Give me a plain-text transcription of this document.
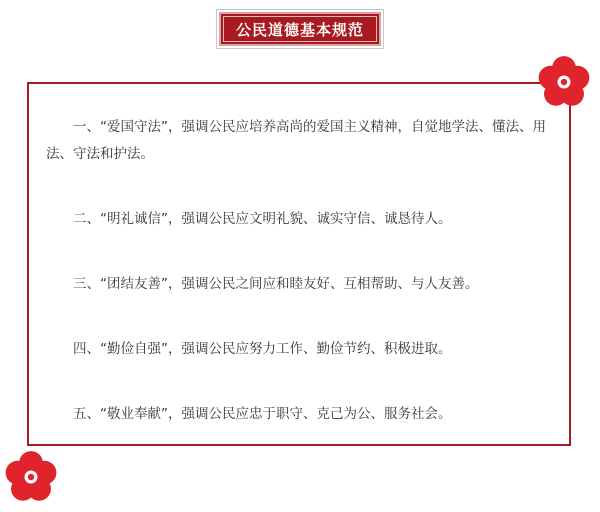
公民道德基本规范

一、“爱国守法”，强调公民应培养高尚的爱国主义精神，自觉地学法、懂法、用法、守法和护法。

二、“明礼诚信”，强调公民应文明礼貌、诚实守信、诚恳待人。

三、“团结友善”，强调公民之间应和睦友好、互相帮助、与人友善。

四、“勤俭自强”，强调公民应努力工作、勤俭节约、积极进取。

五、“敬业奉献”，强调公民应忠于职守、克己为公、服务社会。
